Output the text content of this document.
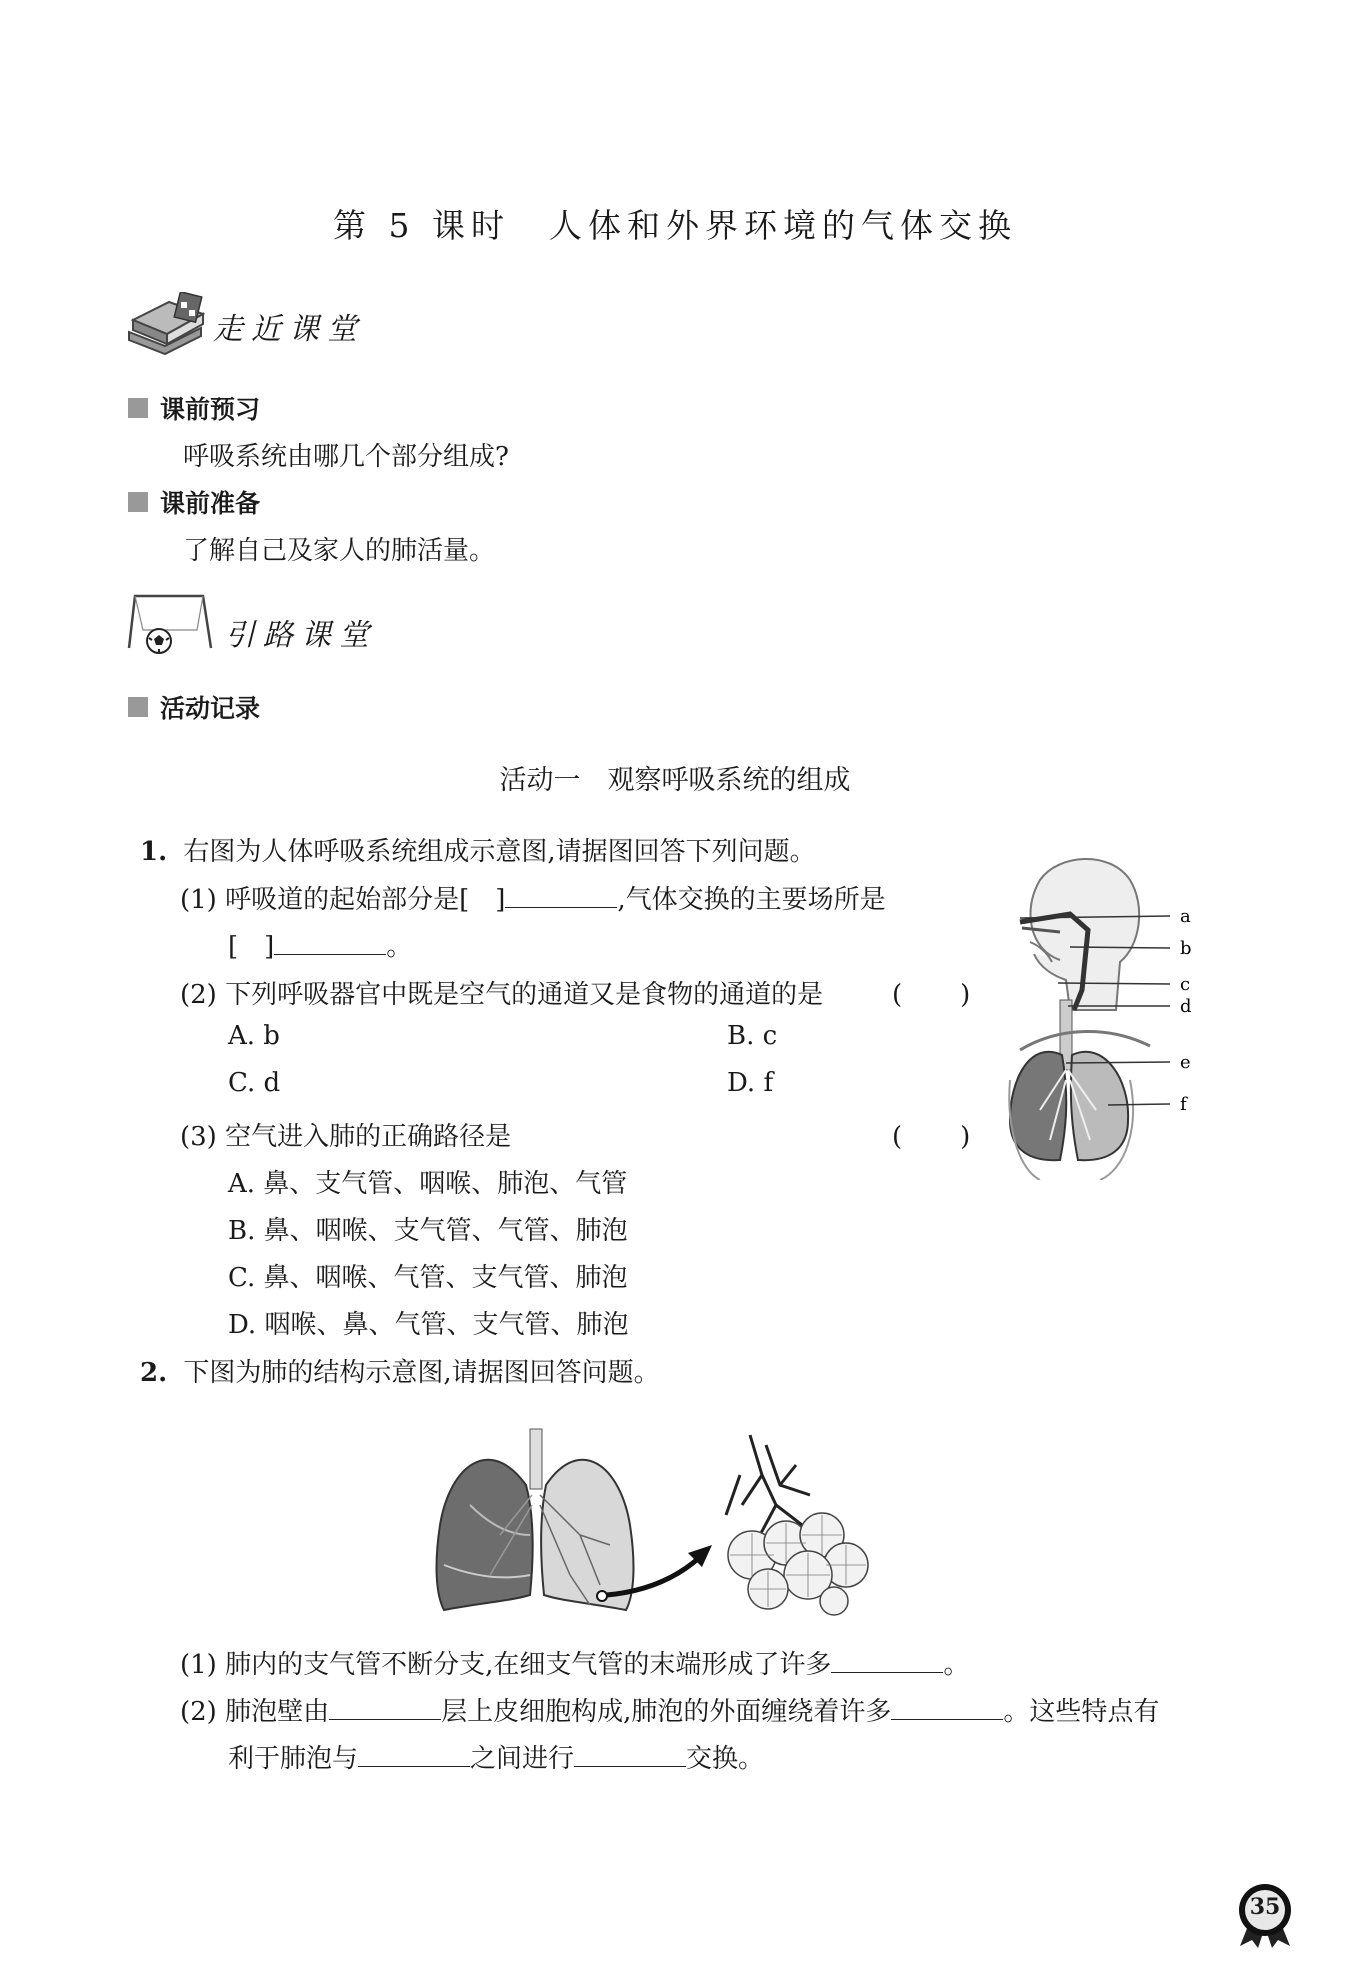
第 5 课时　人体和外界环境的气体交换
走近课堂
课前预习
呼吸系统由哪几个部分组成?
课前准备
了解自己及家人的肺活量。
引路课堂
活动记录
活动一　观察呼吸系统的组成
1. 右图为人体呼吸系统组成示意图,请据图回答下列问题。
(1) 呼吸道的起始部分是[　]	,气体交换的主要场所是
[　]	。
(2) 下列呼吸器官中既是空气的通道又是食物的通道的是	(　　)
A. b	B. c
C. d	D. f
(3) 空气进入肺的正确路径是	(　　)
A. 鼻、支气管、咽喉、肺泡、气管
B. 鼻、咽喉、支气管、气管、肺泡
C. 鼻、咽喉、气管、支气管、肺泡
D. 咽喉、鼻、气管、支气管、肺泡
a
b
c
d
e
f
2. 下图为肺的结构示意图,请据图回答问题。
(1) 肺内的支气管不断分支,在细支气管的末端形成了许多	。
(2) 肺泡壁由	层上皮细胞构成,肺泡的外面缠绕着许多	。这些特点有
利于肺泡与	之间进行	交换。
35
